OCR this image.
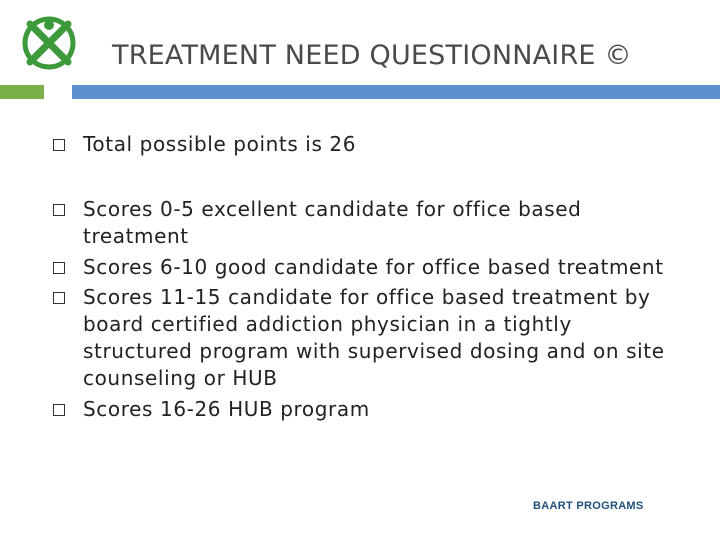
TREATMENT NEED QUESTIONNAIRE ©
Total possible points is 26
Scores 0-5 excellent candidate for office based treatment
Scores 6-10 good candidate for office based treatment
Scores 11-15 candidate for office based treatment by board certified addiction physician in a tightly structured program with supervised dosing and on site counseling or HUB
Scores 16-26 HUB program
BAART PROGRAMS
